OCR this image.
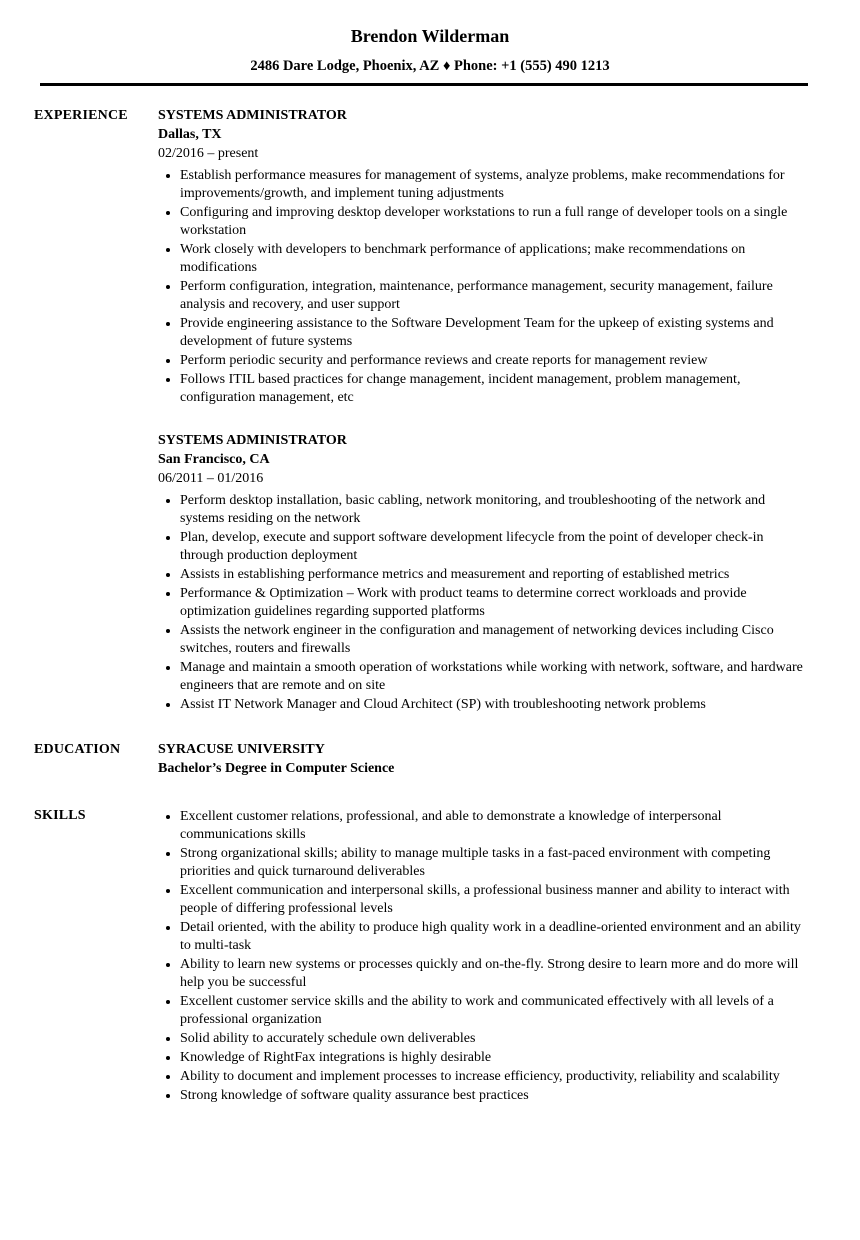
Brendon Wilderman
2486 Dare Lodge, Phoenix, AZ ♦ Phone: +1 (555) 490 1213
EXPERIENCE	SYSTEMS ADMINISTRATOR
Dallas, TX
02/2016 – present
• Establish performance measures for management of systems, analyze problems, make recommendations for improvements/growth, and implement tuning adjustments
• Configuring and improving desktop developer workstations to run a full range of developer tools on a single workstation
• Work closely with developers to benchmark performance of applications; make recommendations on modifications
• Perform configuration, integration, maintenance, performance management, security management, failure analysis and recovery, and user support
• Provide engineering assistance to the Software Development Team for the upkeep of existing systems and development of future systems
• Perform periodic security and performance reviews and create reports for management review
• Follows ITIL based practices for change management, incident management, problem management, configuration management, etc
SYSTEMS ADMINISTRATOR
San Francisco, CA
06/2011 – 01/2016
• Perform desktop installation, basic cabling, network monitoring, and troubleshooting of the network and systems residing on the network
• Plan, develop, execute and support software development lifecycle from the point of developer check-in through production deployment
• Assists in establishing performance metrics and measurement and reporting of established metrics
• Performance & Optimization – Work with product teams to determine correct workloads and provide optimization guidelines regarding supported platforms
• Assists the network engineer in the configuration and management of networking devices including Cisco switches, routers and firewalls
• Manage and maintain a smooth operation of workstations while working with network, software, and hardware engineers that are remote and on site
• Assist IT Network Manager and Cloud Architect (SP) with troubleshooting network problems
EDUCATION	SYRACUSE UNIVERSITY
Bachelor’s Degree in Computer Science
SKILLS	• Excellent customer relations, professional, and able to demonstrate a knowledge of interpersonal communications skills
• Strong organizational skills; ability to manage multiple tasks in a fast-paced environment with competing priorities and quick turnaround deliverables
• Excellent communication and interpersonal skills, a professional business manner and ability to interact with people of differing professional levels
• Detail oriented, with the ability to produce high quality work in a deadline-oriented environment and an ability to multi-task
• Ability to learn new systems or processes quickly and on-the-fly. Strong desire to learn more and do more will help you be successful
• Excellent customer service skills and the ability to work and communicated effectively with all levels of a professional organization
• Solid ability to accurately schedule own deliverables
• Knowledge of RightFax integrations is highly desirable
• Ability to document and implement processes to increase efficiency, productivity, reliability and scalability
• Strong knowledge of software quality assurance best practices
